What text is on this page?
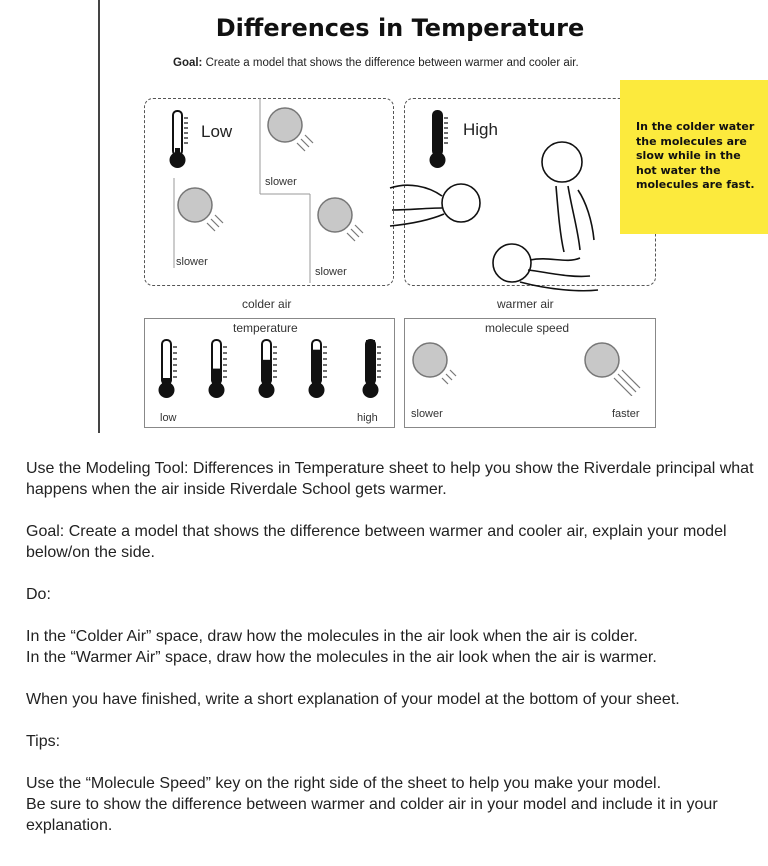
Differences in Temperature
Goal: Create a model that shows the difference between warmer and cooler air.
Low
slower
slower
slower
colder air
High
warmer air
In the colder water the molecules are slow while in the hot water the molecules are fast.
temperature
low	high
molecule speed
slower	faster
Use the Modeling Tool: Differences in Temperature sheet to help you show the Riverdale principal what happens when the air inside Riverdale School gets warmer.
Goal: Create a model that shows the difference between warmer and cooler air, explain your model below/on the side.
Do:
In the “Colder Air” space, draw how the molecules in the air look when the air is colder.
In the “Warmer Air” space, draw how the molecules in the air look when the air is warmer.
When you have finished, write a short explanation of your model at the bottom of your sheet.
Tips:
Use the “Molecule Speed” key on the right side of the sheet to help you make your model.
Be sure to show the difference between warmer and colder air in your model and include it in your explanation.
